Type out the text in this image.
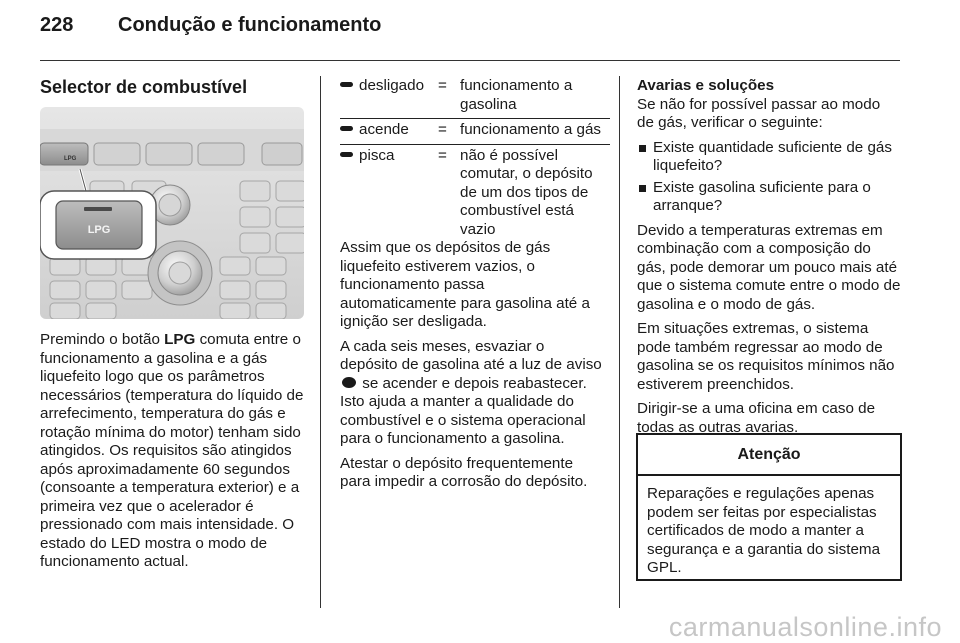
228 Condução e funcionamento
Selector de combustível
LPG
LPG

Premindo o botão LPG comuta entre o funcionamento a gasolina e a gás liquefeito logo que os parâmetros necessários (temperatura do líquido de arrefecimento, temperatura do gás e rotação mínima do motor) tenham sido atingidos. Os requisitos são atingidos após aproximadamente 60 segundos (consoante a temperatura exterior) e a primeira vez que o acelerador é pressionado com mais intensidade. O estado do LED mostra o modo de funcionamento actual.

desligado	=	funcionamento a gasolina
acende	=	funcionamento a gás
pisca	=	não é possível comutar, o depósito de um dos tipos de combustível está vazio

Assim que os depósitos de gás liquefeito estiverem vazios, o funcionamento passa automaticamente para gasolina até a ignição ser desligada.

A cada seis meses, esvaziar o depósito de gasolina até a luz de aviso  se acender e depois reabastecer. Isto ajuda a manter a qualidade do combustível e o sistema operacional para o funcionamento a gasolina.

Atestar o depósito frequentemente para impedir a corrosão do depósito.

Avarias e soluções

Se não for possível passar ao modo de gás, verificar o seguinte:

Existe quantidade suficiente de gás liquefeito?
Existe gasolina suficiente para o arranque?

Devido a temperaturas extremas em combinação com a composição do gás, pode demorar um pouco mais até que o sistema comute entre o modo de gasolina e o modo de gás.

Em situações extremas, o sistema pode também regressar ao modo de gasolina se os requisitos mínimos não estiverem preenchidos.

Dirigir-se a uma oficina em caso de todas as outras avarias.

Atenção
Reparações e regulações apenas podem ser feitas por especialistas certificados de modo a manter a segurança e a garantia do sistema GPL.
carmanualsonline.info
